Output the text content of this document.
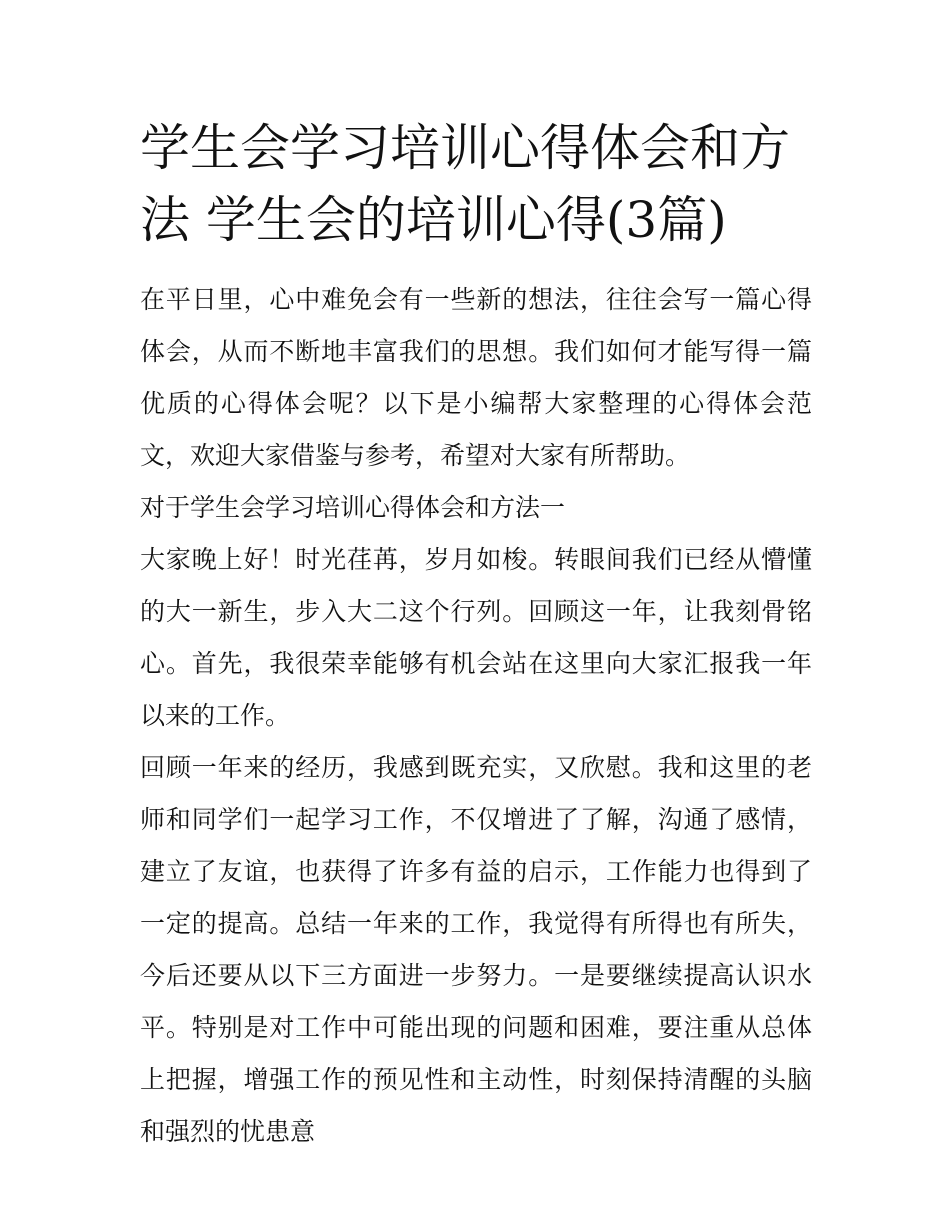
学生会学习培训心得体会和方法 学生会的培训心得(3篇)

在平日里，心中难免会有一些新的想法，往往会写一篇心得体会，从而不断地丰富我们的思想。我们如何才能写得一篇优质的心得体会呢？以下是小编帮大家整理的心得体会范文，欢迎大家借鉴与参考，希望对大家有所帮助。

对于学生会学习培训心得体会和方法一

大家晚上好！时光荏苒，岁月如梭。转眼间我们已经从懵懂的大一新生，步入大二这个行列。回顾这一年，让我刻骨铭心。首先，我很荣幸能够有机会站在这里向大家汇报我一年以来的工作。

回顾一年来的经历，我感到既充实，又欣慰。我和这里的老师和同学们一起学习工作，不仅增进了了解，沟通了感情，建立了友谊，也获得了许多有益的启示，工作能力也得到了一定的提高。总结一年来的工作，我觉得有所得也有所失，今后还要从以下三方面进一步努力。一是要继续提高认识水平。特别是对工作中可能出现的问题和困难，要注重从总体上把握，增强工作的预见性和主动性，时刻保持清醒的头脑和强烈的忧患意
